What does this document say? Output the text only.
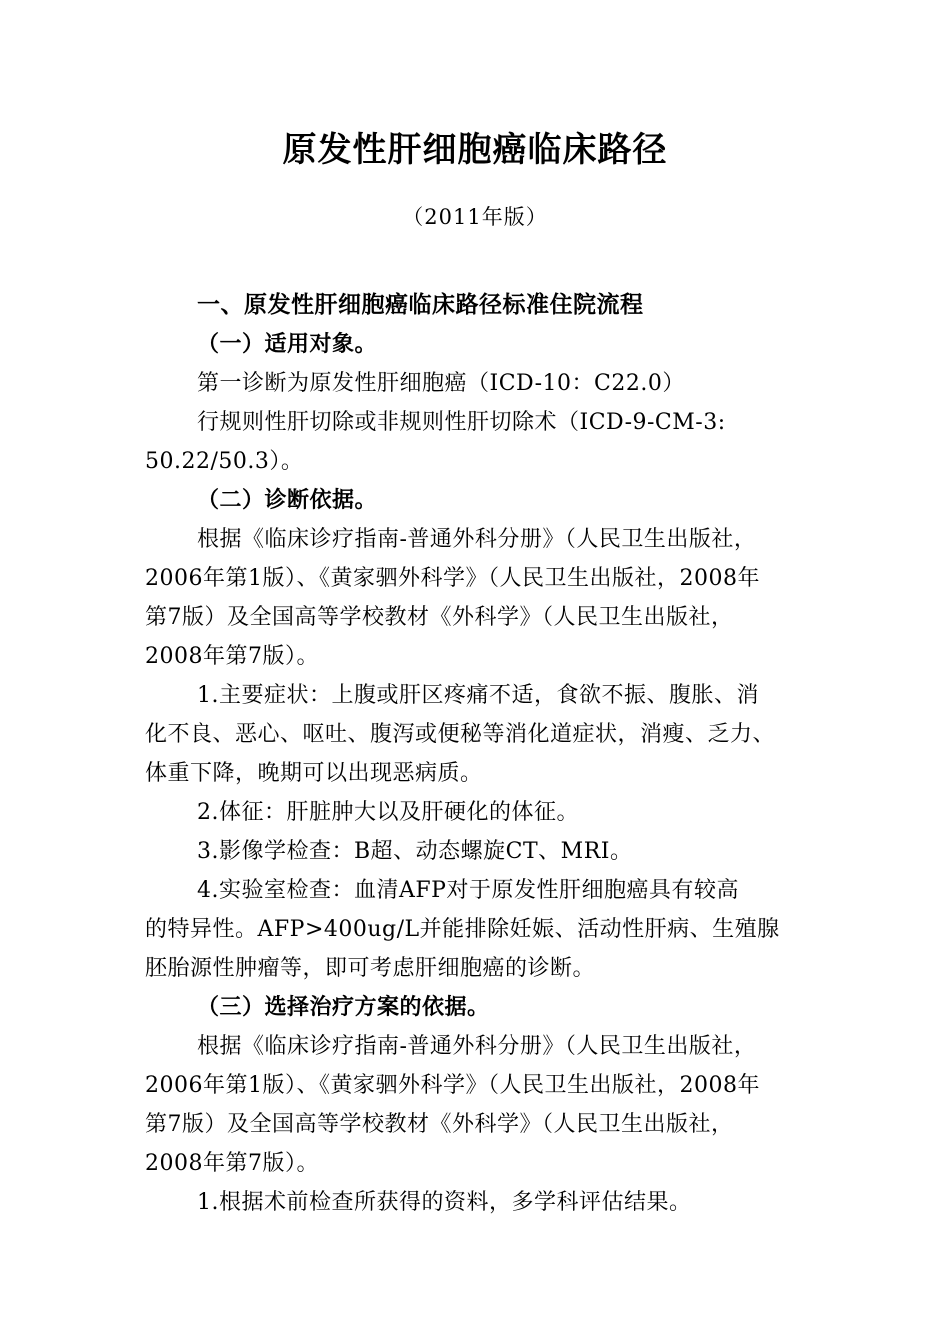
原发性肝细胞癌临床路径
（2011年版）
一、原发性肝细胞癌临床路径标准住院流程
（一）适用对象。
第一诊断为原发性肝细胞癌（ICD-10：C22.0）
行规则性肝切除或非规则性肝切除术（ICD-9-CM-3:
50.22/50.3）。
（二）诊断依据。
根据《临床诊疗指南-普通外科分册》（人民卫生出版社，
2006年第1版）、《黄家驷外科学》（人民卫生出版社，2008年
第7版）及全国高等学校教材《外科学》（人民卫生出版社，
2008年第7版）。
1.主要症状：上腹或肝区疼痛不适，食欲不振、腹胀、消
化不良、恶心、呕吐、腹泻或便秘等消化道症状，消瘦、乏力、
体重下降，晚期可以出现恶病质。
2.体征：肝脏肿大以及肝硬化的体征。
3.影像学检查：B超、动态螺旋CT、MRI。
4.实验室检查：血清AFP对于原发性肝细胞癌具有较高
的特异性。AFP>400ug/L并能排除妊娠、活动性肝病、生殖腺
胚胎源性肿瘤等，即可考虑肝细胞癌的诊断。
（三）选择治疗方案的依据。
根据《临床诊疗指南-普通外科分册》（人民卫生出版社，
2006年第1版）、《黄家驷外科学》（人民卫生出版社，2008年
第7版）及全国高等学校教材《外科学》（人民卫生出版社，
2008年第7版）。
1.根据术前检查所获得的资料，多学科评估结果。
